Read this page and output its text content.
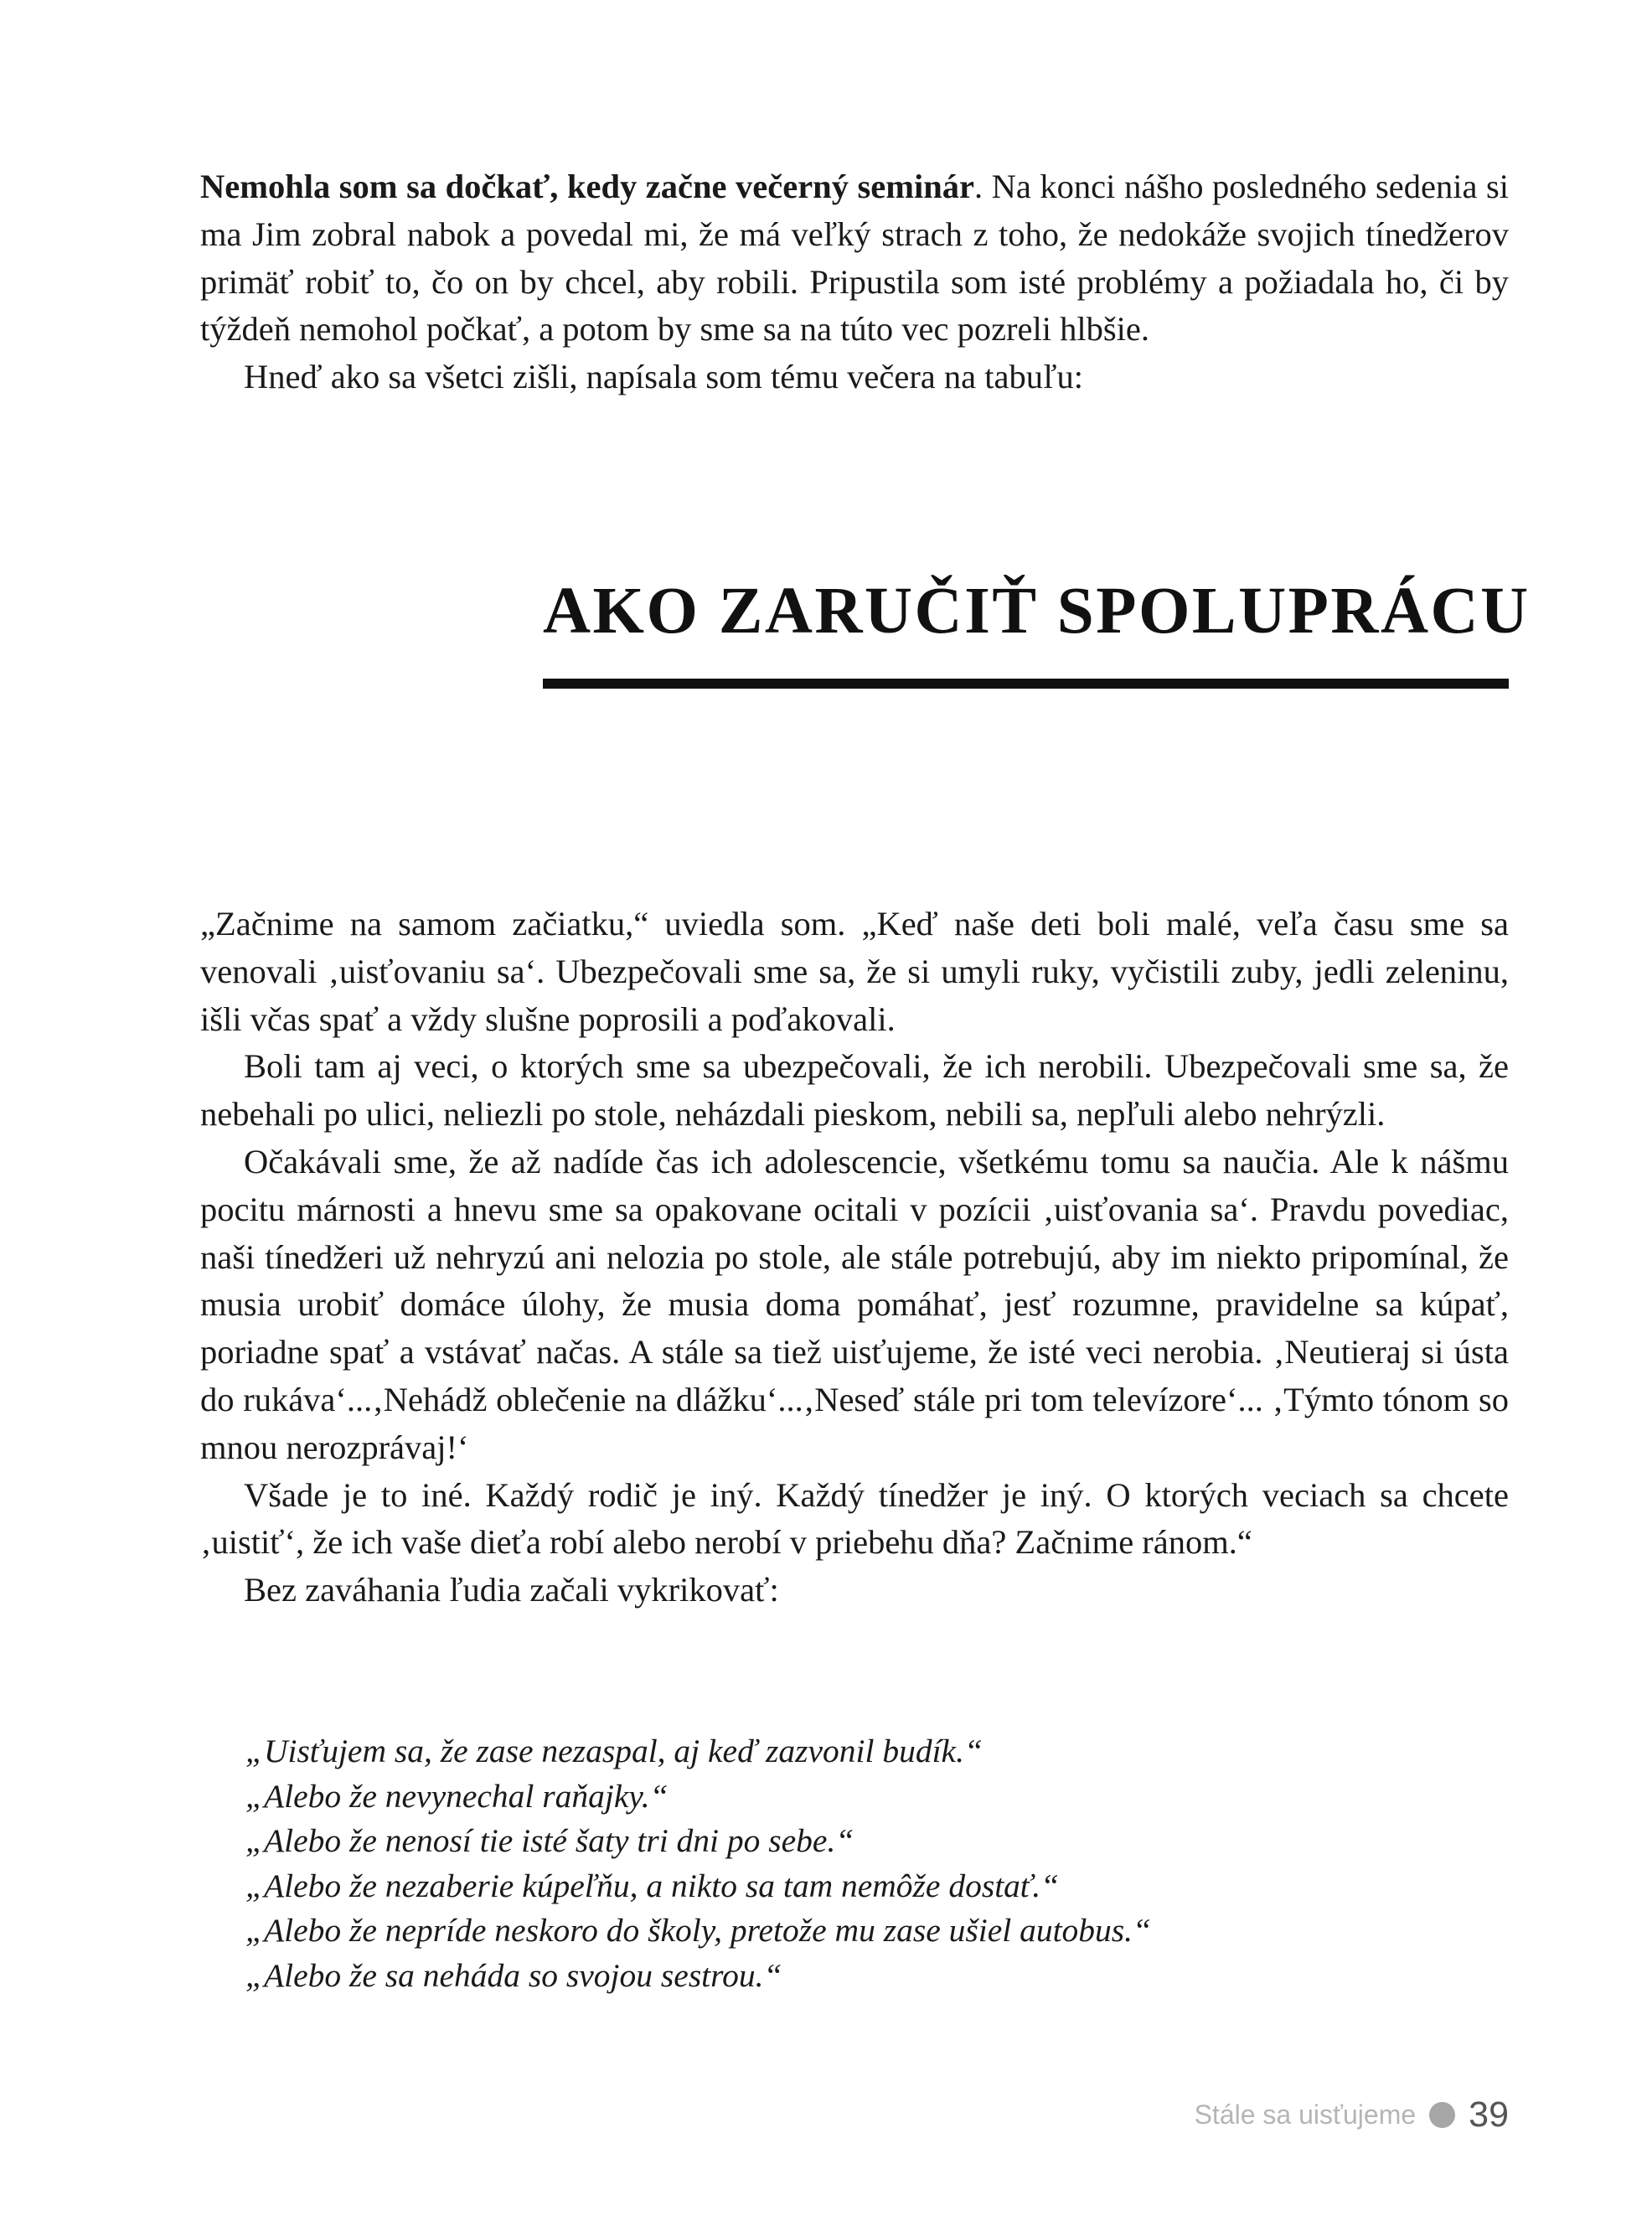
Nemohla som sa dočkať, kedy začne večerný seminár. Na konci nášho posledného sedenia si ma Jim zobral nabok a povedal mi, že má veľký strach z toho, že nedokáže svojich tínedžerov primäť robiť to, čo on by chcel, aby robili. Pripustila som isté problémy a požiadala ho, či by týždeň nemohol počkať, a potom by sme sa na túto vec pozreli hlbšie.

Hneď ako sa všetci zišli, napísala som tému večera na tabuľu:

AKO ZARUČIŤ SPOLUPRÁCU

„Začnime na samom začiatku,“ uviedla som. „Keď naše deti boli malé, veľa času sme sa venovali ‚uisťovaniu sa‘. Ubezpečovali sme sa, že si umyli ruky, vyčistili zuby, jedli zeleninu, išli včas spať a vždy slušne poprosili a poďakovali.

Boli tam aj veci, o ktorých sme sa ubezpečovali, že ich nerobili. Ubezpečovali sme sa, že nebehali po ulici, neliezli po stole, neházdali pieskom, nebili sa, nepľuli alebo nehrýzli.

Očakávali sme, že až nadíde čas ich adolescencie, všetkému tomu sa naučia. Ale k nášmu pocitu márnosti a hnevu sme sa opakovane ocitali v pozícii ‚uisťovania sa‘. Pravdu povediac, naši tínedžeri už nehryzú ani nelozia po stole, ale stále potrebujú, aby im niekto pripomínal, že musia urobiť domáce úlohy, že musia doma pomáhať, jesť rozumne, pravidelne sa kúpať, poriadne spať a vstávať načas. A stále sa tiež uisťujeme, že isté veci nerobia. ‚Neutieraj si ústa do rukáva‘...‚Nehádž oblečenie na dlážku‘...‚Neseď stále pri tom televízore‘... ‚Týmto tónom so mnou nerozprávaj!‘

Všade je to iné. Každý rodič je iný. Každý tínedžer je iný. O ktorých veciach sa chcete ‚uistiť‘, že ich vaše dieťa robí alebo nerobí v priebehu dňa? Začnime ránom.“

Bez zaváhania ľudia začali vykrikovať:

„Uisťujem sa, že zase nezaspal, aj keď zazvonil budík.“
„Alebo že nevynechal raňajky.“
„Alebo že nenosí tie isté šaty tri dni po sebe.“
„Alebo že nezaberie kúpeľňu, a nikto sa tam nemôže dostať.“
„Alebo že nepríde neskoro do školy, pretože mu zase ušiel autobus.“
„Alebo že sa nehádа so svojou sestrou.“
Stále sa uisťujeme 39
